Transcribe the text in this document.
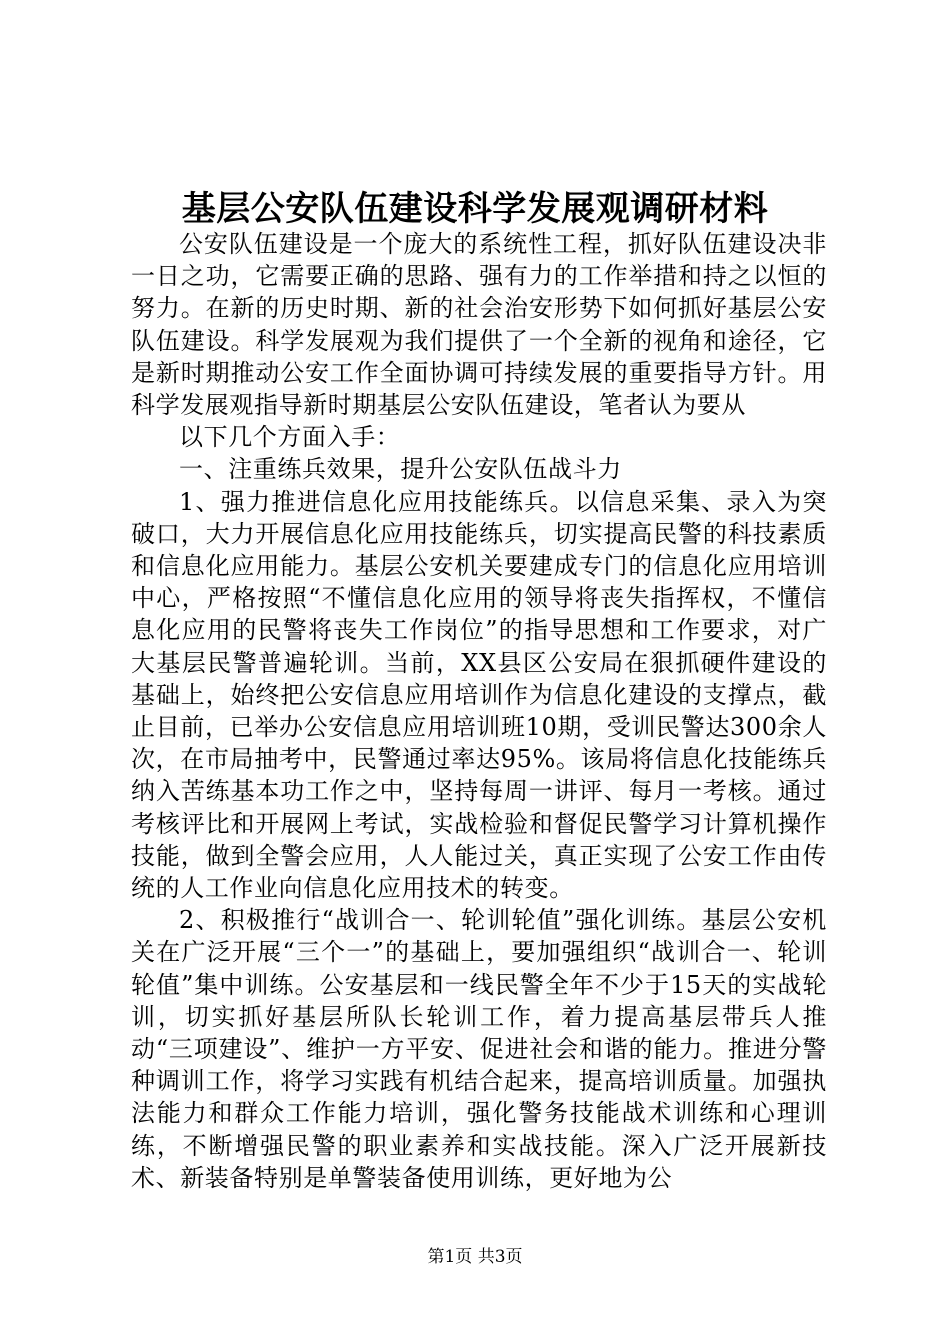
基层公安队伍建设科学发展观调研材料

公安队伍建设是一个庞大的系统性工程，抓好队伍建设决非一日之功，它需要正确的思路、强有力的工作举措和持之以恒的努力。在新的历史时期、新的社会治安形势下如何抓好基层公安队伍建设。科学发展观为我们提供了一个全新的视角和途径，它是新时期推动公安工作全面协调可持续发展的重要指导方针。用科学发展观指导新时期基层公安队伍建设，笔者认为要从

以下几个方面入手：

一、注重练兵效果，提升公安队伍战斗力

1、强力推进信息化应用技能练兵。以信息采集、录入为突破口，大力开展信息化应用技能练兵，切实提高民警的科技素质和信息化应用能力。基层公安机关要建成专门的信息化应用培训中心，严格按照“不懂信息化应用的领导将丧失指挥权，不懂信息化应用的民警将丧失工作岗位”的指导思想和工作要求，对广大基层民警普遍轮训。当前，XX县区公安局在狠抓硬件建设的基础上，始终把公安信息应用培训作为信息化建设的支撑点，截止目前，已举办公安信息应用培训班10期，受训民警达300余人次，在市局抽考中，民警通过率达95%。该局将信息化技能练兵纳入苦练基本功工作之中，坚持每周一讲评、每月一考核。通过考核评比和开展网上考试，实战检验和督促民警学习计算机操作技能，做到全警会应用，人人能过关，真正实现了公安工作由传统的人工作业向信息化应用技术的转变。

2、积极推行“战训合一、轮训轮值”强化训练。基层公安机关在广泛开展“三个一”的基础上，要加强组织“战训合一、轮训轮值”集中训练。公安基层和一线民警全年不少于15天的实战轮训，切实抓好基层所队长轮训工作，着力提高基层带兵人推动“三项建设”、维护一方平安、促进社会和谐的能力。推进分警种调训工作，将学习实践有机结合起来，提高培训质量。加强执法能力和群众工作能力培训，强化警务技能战术训练和心理训练，不断增强民警的职业素养和实战技能。深入广泛开展新技术、新装备特别是单警装备使用训练，更好地为公

第1页 共3页
